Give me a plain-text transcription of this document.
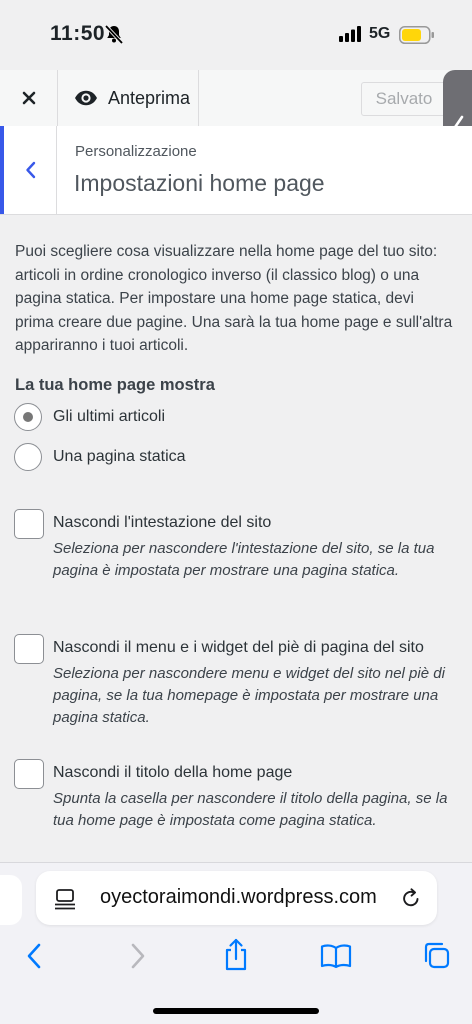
11:50	5G
Anteprima	Salvato
Personalizzazione
Impostazioni home page
Puoi scegliere cosa visualizzare nella home page del tuo sito: articoli in ordine cronologico inverso (il classico blog) o una pagina statica. Per impostare una home page statica, devi prima creare due pagine. Una sarà la tua home page e sull'altra appariranno i tuoi articoli.
La tua home page mostra
Gli ultimi articoli
Una pagina statica
Nascondi l'intestazione del sito
Seleziona per nascondere l'intestazione del sito, se la tua pagina è impostata per mostrare una pagina statica.
Nascondi il menu e i widget del piè di pagina del sito
Seleziona per nascondere menu e widget del sito nel piè di pagina, se la tua homepage è impostata per mostrare una pagina statica.
Nascondi il titolo della home page
Spunta la casella per nascondere il titolo della pagina, se la tua home page è impostata come pagina statica.
oyectoraimondi.wordpress.com
